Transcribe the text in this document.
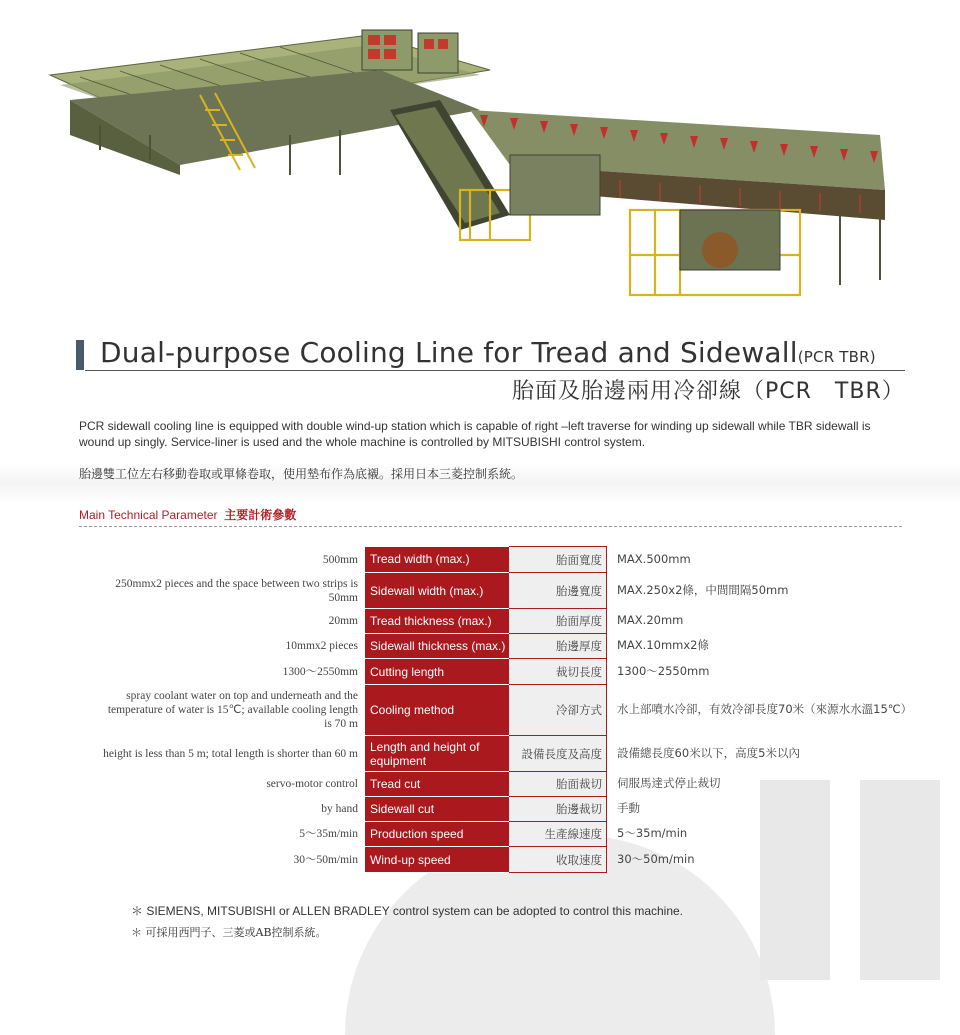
Dual-purpose Cooling Line for Tread and Sidewall(PCR TBR)
胎面及胎邊兩用冷卻線（PCR　TBR）
PCR sidewall cooling line is equipped with double wind-up station which is capable of right –left traverse for winding up sidewall while TBR sidewall is wound up singly. Service-liner is used and the whole machine is controlled by MITSUBISHI control system.
胎邊雙工位左右移動卷取或單條卷取，使用墊布作為底襯。採用日本三菱控制系統。
Main Technical Parameter 主要計術參數
500mm	Tread width (max.)	胎面寬度	MAX.500mm
250mmx2 pieces and the space between two strips is 50mm	Sidewall width (max.)	胎邊寬度	MAX.250x2條，中間間隔50mm
20mm	Tread thickness (max.)	胎面厚度	MAX.20mm
10mmx2 pieces	Sidewall thickness (max.)	胎邊厚度	MAX.10mmx2條
1300～2550mm	Cutting length	裁切長度	1300～2550mm
spray coolant water on top and underneath and the temperature of water is 15℃; available cooling length is 70 m	Cooling method	冷卻方式	水上部噴水冷卻，有效冷卻長度70米（來源水水溫15℃）
height is less than 5 m; total length is shorter than 60 m	Length and height of equipment	設備長度及高度	設備總長度60米以下，高度5米以內
servo-motor control	Tread cut	胎面裁切	伺服馬達式停止裁切
by hand	Sidewall cut	胎邊裁切	手動
5～35m/min	Production speed	生產線速度	5～35m/min
30～50m/min	Wind-up speed	收取速度	30～50m/min
＊ SIEMENS, MITSUBISHI or ALLEN BRADLEY control system can be adopted to control this machine.
＊ 可採用西門子、三菱或AB控制系統。
